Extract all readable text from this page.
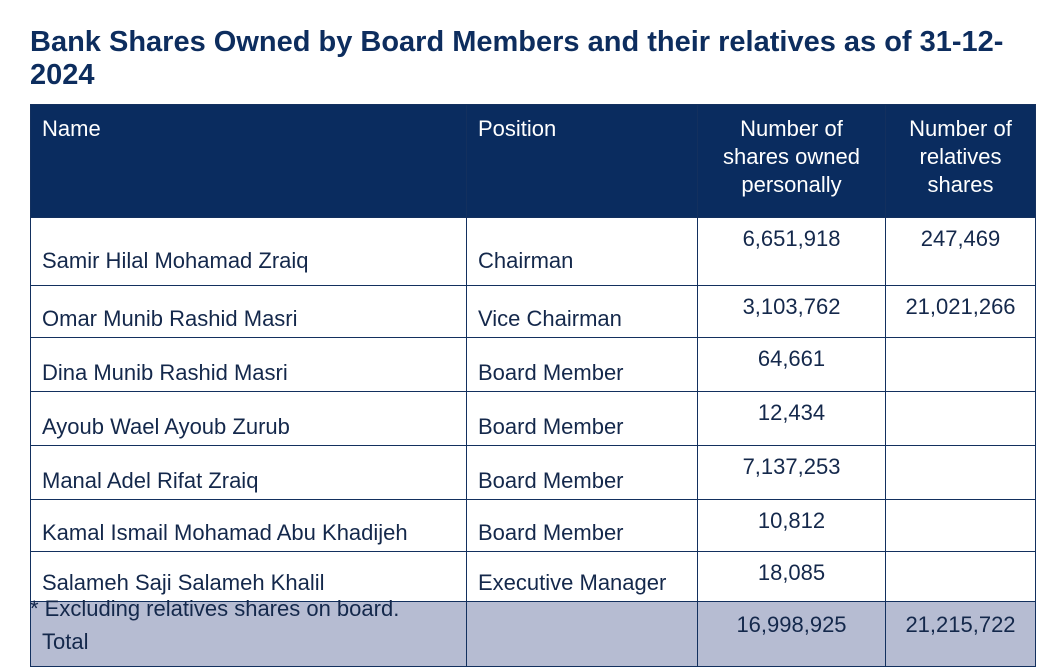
Bank Shares Owned by Board Members and their relatives as of 31-12-2024
Name	Position	Number of shares owned personally	Number of relatives shares
Samir Hilal Mohamad Zraiq	Chairman	6,651,918	247,469
Omar Munib Rashid Masri	Vice Chairman	3,103,762	21,021,266
Dina Munib Rashid Masri	Board Member	64,661	
Ayoub Wael Ayoub Zurub	Board Member	12,434	
Manal Adel Rifat Zraiq	Board Member	7,137,253	
Kamal Ismail Mohamad Abu Khadijeh	Board Member	10,812	
Salameh Saji Salameh Khalil	Executive Manager	18,085	
Total		16,998,925	21,215,722

* Excluding relatives shares on board.
